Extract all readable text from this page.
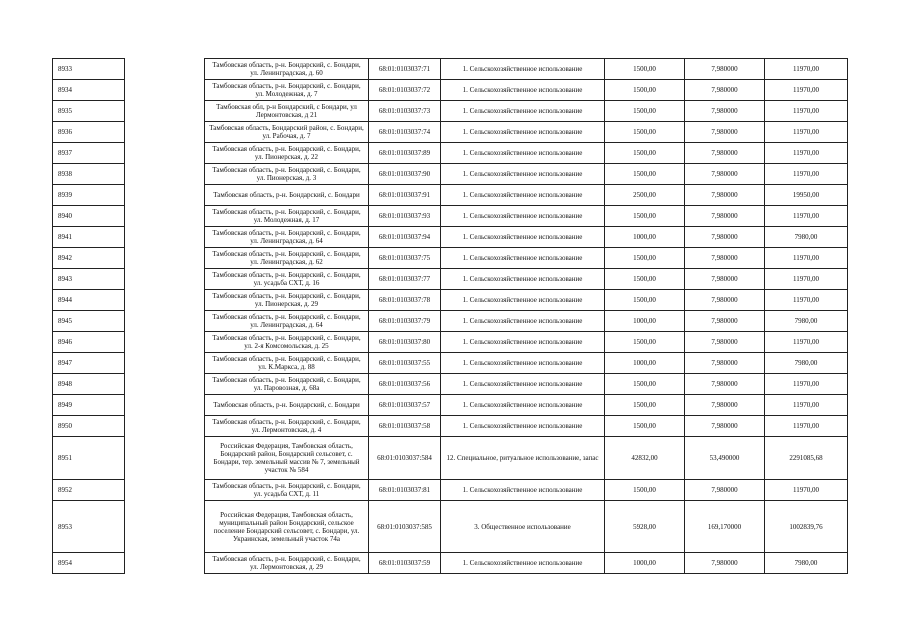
8933		Тамбовская область, р-н. Бондарский, с. Бондари, ул. Ленинградская, д. 60	68:01:0103037:71	1. Сельскохозяйственное использование	1500,00	7,980000	11970,00
8934		Тамбовская область, р-н. Бондарский, с. Бондари, ул. Молодежная, д. 7	68:01:0103037:72	1. Сельскохозяйственное использование	1500,00	7,980000	11970,00
8935		Тамбовская обл, р-н Бондарский, с Бондари, ул Лермонтовская, д 21	68:01:0103037:73	1. Сельскохозяйственное использование	1500,00	7,980000	11970,00
8936		Тамбовская область, Бондарский район, с. Бондари, ул. Рабочая, д. 7	68:01:0103037:74	1. Сельскохозяйственное использование	1500,00	7,980000	11970,00
8937		Тамбовская область, р-н. Бондарский, с. Бондари, ул. Пионерская, д. 22	68:01:0103037:89	1. Сельскохозяйственное использование	1500,00	7,980000	11970,00
8938		Тамбовская область, р-н. Бондарский, с. Бондари, ул. Пионерская, д. 3	68:01:0103037:90	1. Сельскохозяйственное использование	1500,00	7,980000	11970,00
8939		Тамбовская область, р-н. Бондарский, с. Бондари	68:01:0103037:91	1. Сельскохозяйственное использование	2500,00	7,980000	19950,00
8940		Тамбовская область, р-н. Бондарский, с. Бондари, ул. Молодежная, д. 17	68:01:0103037:93	1. Сельскохозяйственное использование	1500,00	7,980000	11970,00
8941		Тамбовская область, р-н. Бондарский, с. Бондари, ул. Ленинградская, д. 64	68:01:0103037:94	1. Сельскохозяйственное использование	1000,00	7,980000	7980,00
8942		Тамбовская область, р-н. Бондарский, с. Бондари, ул. Ленинградская, д. 62	68:01:0103037:75	1. Сельскохозяйственное использование	1500,00	7,980000	11970,00
8943		Тамбовская область, р-н. Бондарский, с. Бондари, ул. усадьба СХТ, д. 16	68:01:0103037:77	1. Сельскохозяйственное использование	1500,00	7,980000	11970,00
8944		Тамбовская область, р-н. Бондарский, с. Бондари, ул. Пионерская, д. 29	68:01:0103037:78	1. Сельскохозяйственное использование	1500,00	7,980000	11970,00
8945		Тамбовская область, р-н. Бондарский, с. Бондари, ул. Ленинградская, д. 64	68:01:0103037:79	1. Сельскохозяйственное использование	1000,00	7,980000	7980,00
8946		Тамбовская область, р-н. Бондарский, с. Бондари, ул. 2-я Комсомольская, д. 25	68:01:0103037:80	1. Сельскохозяйственное использование	1500,00	7,980000	11970,00
8947		Тамбовская область, р-н. Бондарский, с. Бондари, ул. К.Маркса, д. 88	68:01:0103037:55	1. Сельскохозяйственное использование	1000,00	7,980000	7980,00
8948		Тамбовская область, р-н. Бондарский, с. Бондари, ул. Паровозная, д. 68а	68:01:0103037:56	1. Сельскохозяйственное использование	1500,00	7,980000	11970,00
8949		Тамбовская область, р-н. Бондарский, с. Бондари	68:01:0103037:57	1. Сельскохозяйственное использование	1500,00	7,980000	11970,00
8950		Тамбовская область, р-н. Бондарский, с. Бондари, ул. Лермонтовская, д. 4	68:01:0103037:58	1. Сельскохозяйственное использование	1500,00	7,980000	11970,00
8951		Российская Федерация, Тамбовская область, Бондарский район, Бондарский сельсовет, с. Бондари, тер. земельный массив № 7, земельный участок № 584	68:01:0103037:584	12. Специальное, ритуальное использование, запас	42832,00	53,490000	2291085,68
8952		Тамбовская область, р-н. Бондарский, с. Бондари, ул. усадьба СХТ, д. 11	68:01:0103037:81	1. Сельскохозяйственное использование	1500,00	7,980000	11970,00
8953		Российская Федерация, Тамбовская область, муниципальный район Бондарский, сельское поселение Бондарский сельсовет, с. Бондари, ул. Украинская, земельный участок 74а	68:01:0103037:585	3. Общественное использование	5928,00	169,170000	1002839,76
8954		Тамбовская область, р-н. Бондарский, с. Бондари, ул. Лермонтовская, д. 29	68:01:0103037:59	1. Сельскохозяйственное использование	1000,00	7,980000	7980,00
